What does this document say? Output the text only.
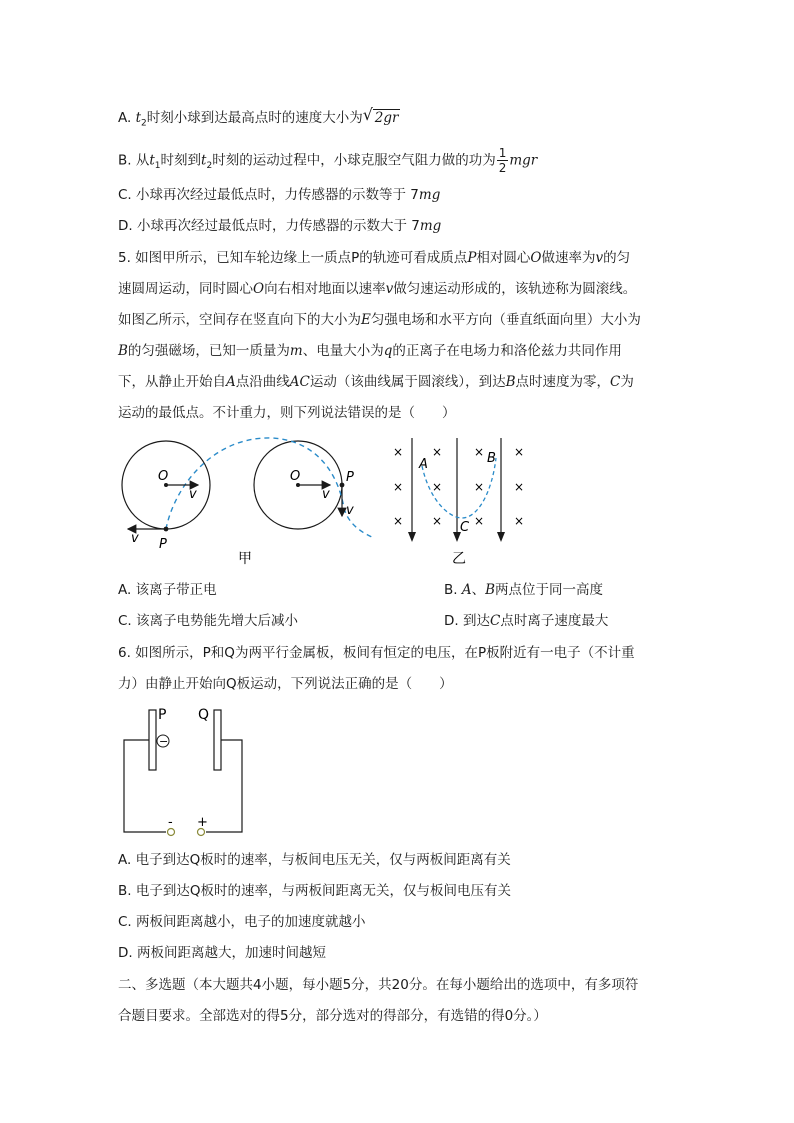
A. $t_2$时刻小球到达最高点时的速度大小为 √ 2gr
B. 从$t_1$时刻到$t_2$时刻的运动过程中，小球克服空气阻力做的功为 $\frac{1}{2}$ mgr
C. 小球再次经过最低点时，力传感器的示数等于 7mg
D. 小球再次经过最低点时，力传感器的示数大于 7mg
5. 如图甲所示，已知车轮边缘上一质点P的轨迹可看成质点P相对圆心O做速率为v的匀
速圆周运动，同时圆心O向右相对地面以速率v做匀速运动形成的，该轨迹称为圆滚线。
如图乙所示，空间存在竖直向下的大小为E匀强电场和水平方向（垂直纸面向里）大小为
B的匀强磁场，已知一质量为m、电量大小为q的正离子在电场力和洛伦兹力共同作用
下，从静止开始自A点沿曲线AC运动（该曲线属于圆滚线），到达B点时速度为零，C为
运动的最低点。不计重力，则下列说法错误的是（　　）
O
v
v P
O
v
P
v
甲
× ×	× ×
× ×	× ×
× ×	× ×
A	B
C
乙
A. 该离子带正电	B. A、B两点位于同一高度
C. 该离子电势能先增大后减小	D. 到达C点时离子速度最大
6. 如图所示，P和Q为两平行金属板，板间有恒定的电压，在P板附近有一电子（不计重
力）由静止开始向Q板运动，下列说法正确的是（　　）
−
P Q
- +
A. 电子到达Q板时的速率，与板间电压无关，仅与两板间距离有关
B. 电子到达Q板时的速率，与两板间距离无关，仅与板间电压有关
C. 两板间距离越小，电子的加速度就越小
D. 两板间距离越大，加速时间越短
二、多选题（本大题共4小题，每小题5分，共20分。在每小题给出的选项中，有多项符
合题目要求。全部选对的得5分，部分选对的得部分，有选错的得0分。）
